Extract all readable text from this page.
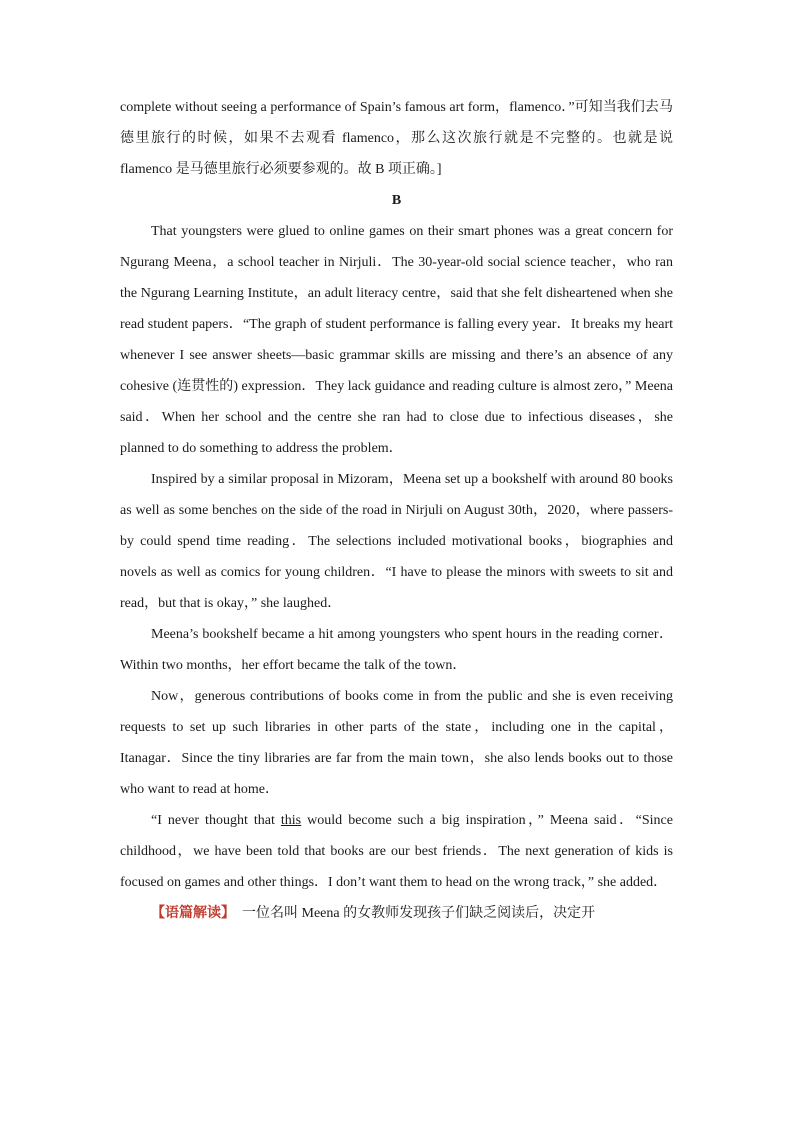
complete without seeing a performance of Spain’s famous art form，flamenco．”可知当我们去马德里旅行的时候，如果不去观看 flamenco，那么这次旅行就是不完整的。也就是说 flamenco 是马德里旅行必须要参观的。故 B 项正确。]

B

That youngsters were glued to online games on their smart phones was a great concern for Ngurang Meena，a school teacher in Nirjuli．The 30-year-old social science teacher，who ran the Ngurang Learning Institute，an adult literacy centre，said that she felt disheartened when she read student papers．“The graph of student performance is falling every year．It breaks my heart whenever I see answer sheets—basic grammar skills are missing and there’s an absence of any cohesive (连贯性的) expression．They lack guidance and reading culture is almost zero，” Meena said．When her school and the centre she ran had to close due to infectious diseases，she planned to do something to address the problem．

Inspired by a similar proposal in Mizoram，Meena set up a bookshelf with around 80 books as well as some benches on the side of the road in Nirjuli on August 30th，2020，where passers-by could spend time reading．The selections included motivational books，biographies and novels as well as comics for young children．“I have to please the minors with sweets to sit and read，but that is okay，” she laughed．

Meena’s bookshelf became a hit among youngsters who spent hours in the reading corner．Within two months，her effort became the talk of the town．

Now，generous contributions of books come in from the public and she is even receiving requests to set up such libraries in other parts of the state，including one in the capital，Itanagar．Since the tiny libraries are far from the main town，she also lends books out to those who want to read at home．

“I never thought that this would become such a big inspiration，” Meena said．“Since childhood，we have been told that books are our best friends．The next generation of kids is focused on games and other things．I don’t want them to head on the wrong track，” she added．

【语篇解读】　 一位名叫 Meena 的女教师发现孩子们缺乏阅读后，决定开
